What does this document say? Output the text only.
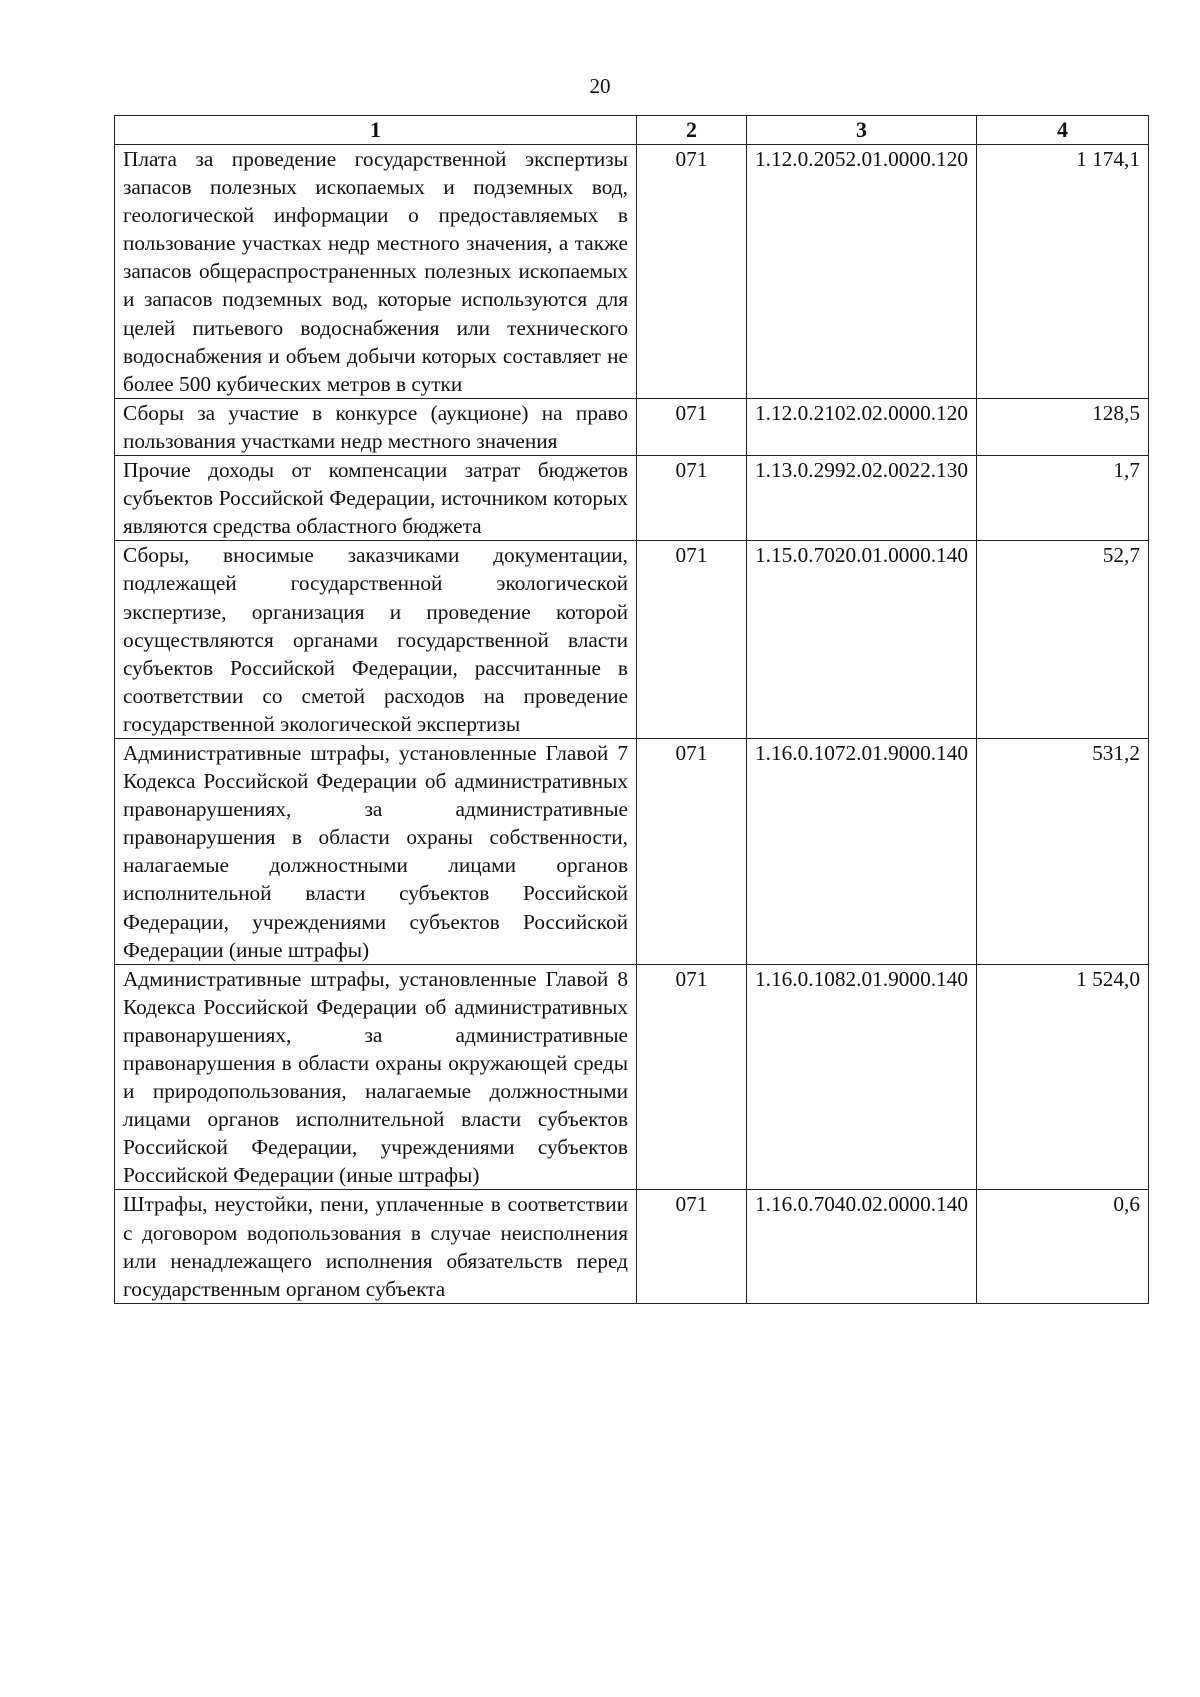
20
1	2	3	4
Плата за проведение государственной экспертизы запасов полезных ископаемых и подземных вод, геологической информации о предоставляемых в пользование участках недр местного значения, а также запасов общераспространенных полезных ископаемых и запасов подземных вод, которые используются для целей питьевого водоснабжения или технического водоснабжения и объем добычи которых составляет не более 500 кубических метров в сутки	071	1.12.0.2052.01.0000.120	1 174,1
Сборы за участие в конкурсе (аукционе) на право пользования участками недр местного значения	071	1.12.0.2102.02.0000.120	128,5
Прочие доходы от компенсации затрат бюджетов субъектов Российской Федерации, источником которых являются средства областного бюджета	071	1.13.0.2992.02.0022.130	1,7
Сборы, вносимые заказчиками документации, подлежащей государственной экологической экспертизе, организация и проведение которой осуществляются органами государственной власти субъектов Российской Федерации, рассчитанные в соответствии со сметой расходов на проведение государственной экологической экспертизы	071	1.15.0.7020.01.0000.140	52,7
Административные штрафы, установленные Главой 7 Кодекса Российской Федерации об административных правонарушениях, за административные правонарушения в области охраны собственности, налагаемые должностными лицами органов исполнительной власти субъектов Российской Федерации, учреждениями субъектов Российской Федерации (иные штрафы)	071	1.16.0.1072.01.9000.140	531,2
Административные штрафы, установленные Главой 8 Кодекса Российской Федерации об административных правонарушениях, за административные правонарушения в области охраны окружающей среды и природопользования, налагаемые должностными лицами органов исполнительной власти субъектов Российской Федерации, учреждениями субъектов Российской Федерации (иные штрафы)	071	1.16.0.1082.01.9000.140	1 524,0
Штрафы, неустойки, пени, уплаченные в соответствии с договором водопользования в случае неисполнения или ненадлежащего исполнения обязательств перед государственным органом субъекта	071	1.16.0.7040.02.0000.140	0,6
